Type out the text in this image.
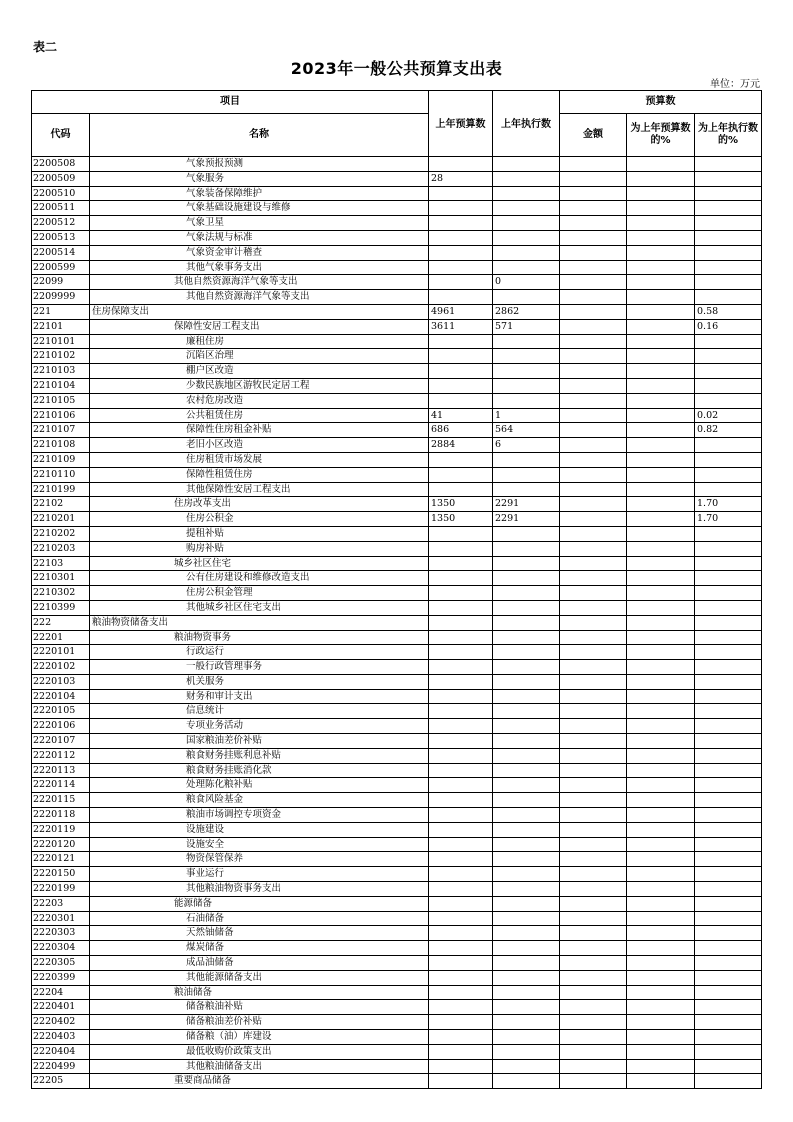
表二
2023年一般公共预算支出表
单位：万元
项目		上年预算数	上年执行数	预算数		
代码	名称			金额	为上年预算数的%	为上年执行数的%
2200508	气象预报预测					
2200509	气象服务	28				
2200510	气象装备保障维护					
2200511	气象基础设施建设与维修					
2200512	气象卫星					
2200513	气象法规与标准					
2200514	气象资金审计稽查					
2200599	其他气象事务支出					
22099	其他自然资源海洋气象等支出		0			
2209999	其他自然资源海洋气象等支出					
221	住房保障支出	4961	2862			0.58
22101	保障性安居工程支出	3611	571			0.16
2210101	廉租住房					
2210102	沉陷区治理					
2210103	棚户区改造					
2210104	少数民族地区游牧民定居工程					
2210105	农村危房改造					
2210106	公共租赁住房	41	1			0.02
2210107	保障性住房租金补贴	686	564			0.82
2210108	老旧小区改造	2884	6			
2210109	住房租赁市场发展					
2210110	保障性租赁住房					
2210199	其他保障性安居工程支出					
22102	住房改革支出	1350	2291			1.70
2210201	住房公积金	1350	2291			1.70
2210202	提租补贴					
2210203	购房补贴					
22103	城乡社区住宅					
2210301	公有住房建设和维修改造支出					
2210302	住房公积金管理					
2210399	其他城乡社区住宅支出					
222	粮油物资储备支出					
22201	粮油物资事务					
2220101	行政运行					
2220102	一般行政管理事务					
2220103	机关服务					
2220104	财务和审计支出					
2220105	信息统计					
2220106	专项业务活动					
2220107	国家粮油差价补贴					
2220112	粮食财务挂账利息补贴					
2220113	粮食财务挂账消化款					
2220114	处理陈化粮补贴					
2220115	粮食风险基金					
2220118	粮油市场调控专项资金					
2220119	设施建设					
2220120	设施安全					
2220121	物资保管保养					
2220150	事业运行					
2220199	其他粮油物资事务支出					
22203	能源储备					
2220301	石油储备					
2220303	天然铀储备					
2220304	煤炭储备					
2220305	成品油储备					
2220399	其他能源储备支出					
22204	粮油储备					
2220401	储备粮油补贴					
2220402	储备粮油差价补贴					
2220403	储备粮（油）库建设					
2220404	最低收购价政策支出					
2220499	其他粮油储备支出					
22205	重要商品储备					
